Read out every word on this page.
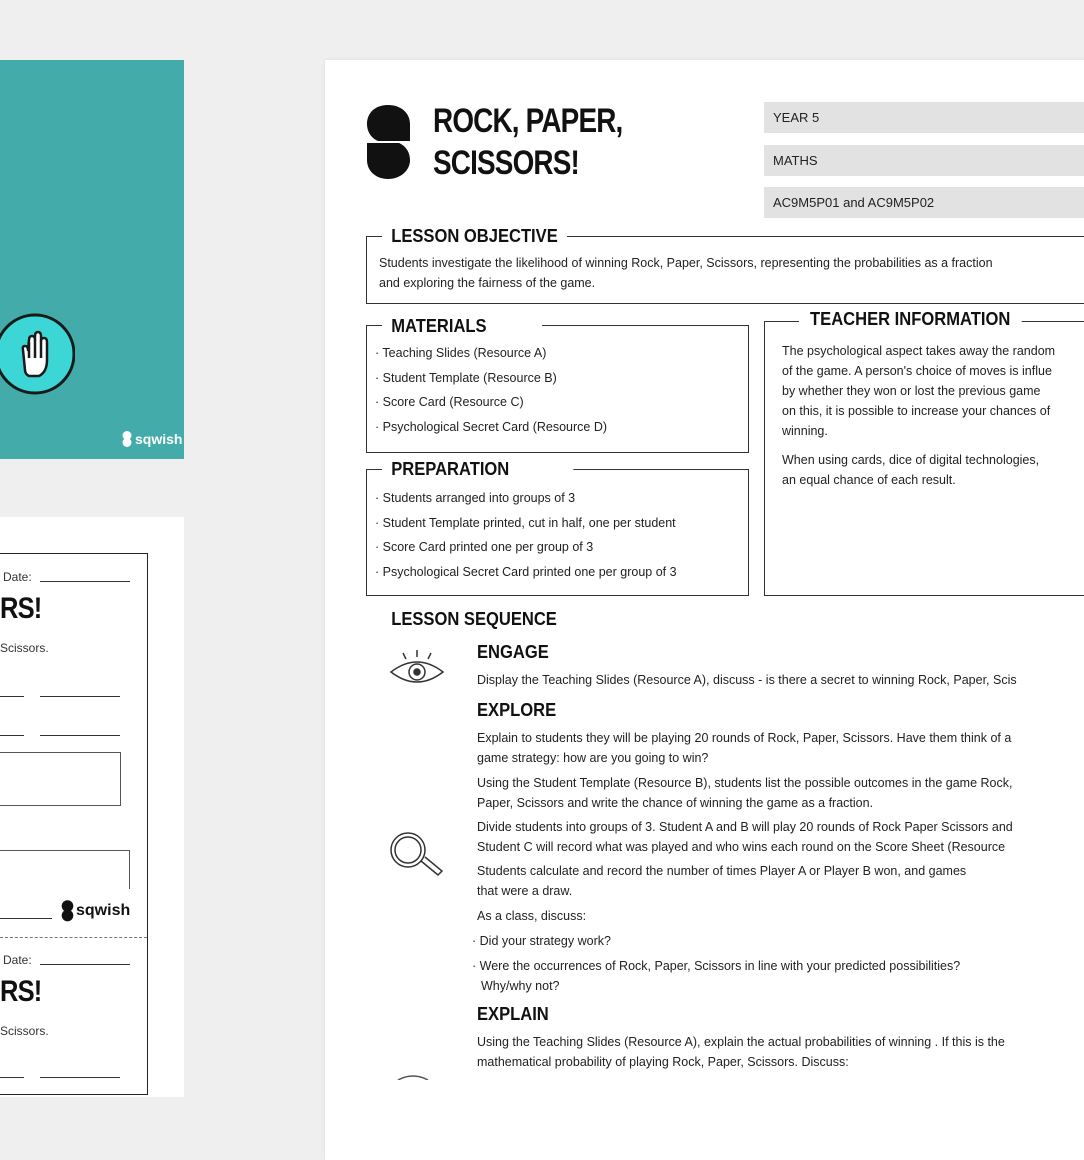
sqwish
Date:
RS!
Scissors.
sqwish
Date:
RS!
Scissors.
ROCK, PAPER,
SCISSORS!
YEAR 5
MATHS
AC9M5P01 and AC9M5P02
LESSON OBJECTIVE
Students investigate the likelihood of winning Rock, Paper, Scissors, representing the probabilities as a fraction
and exploring the fairness of the game.
MATERIALS
· Teaching Slides (Resource A)
· Student Template (Resource B)
· Score Card (Resource C)
· Psychological Secret Card (Resource D)
PREPARATION
· Students arranged into groups of 3
· Student Template printed, cut in half, one per student
· Score Card printed one per group of 3
· Psychological Secret Card printed one per group of 3
TEACHER INFORMATION
The psychological aspect takes away the random
of the game. A person's choice of moves is influe
by whether they won or lost the previous game
on this, it is possible to increase your chances of
winning.
When using cards, dice of digital technologies,
an equal chance of each result.
LESSON SEQUENCE
ENGAGE
Display the Teaching Slides (Resource A), discuss - is there a secret to winning Rock, Paper, Scis
EXPLORE
Explain to students they will be playing 20 rounds of Rock, Paper, Scissors. Have them think of a
game strategy: how are you going to win?
Using the Student Template (Resource B), students list the possible outcomes in the game Rock,
Paper, Scissors and write the chance of winning the game as a fraction.
Divide students into groups of 3. Student A and B will play 20 rounds of Rock Paper Scissors and
Student C will record what was played and who wins each round on the Score Sheet (Resource
Students calculate and record the number of times Player A or Player B won, and games
that were a draw.
As a class, discuss:
· Did your strategy work?
· Were the occurrences of Rock, Paper, Scissors in line with your predicted possibilities?
Why/why not?
EXPLAIN
Using the Teaching Slides (Resource A), explain the actual probabilities of winning . If this is the
mathematical probability of playing Rock, Paper, Scissors. Discuss:
